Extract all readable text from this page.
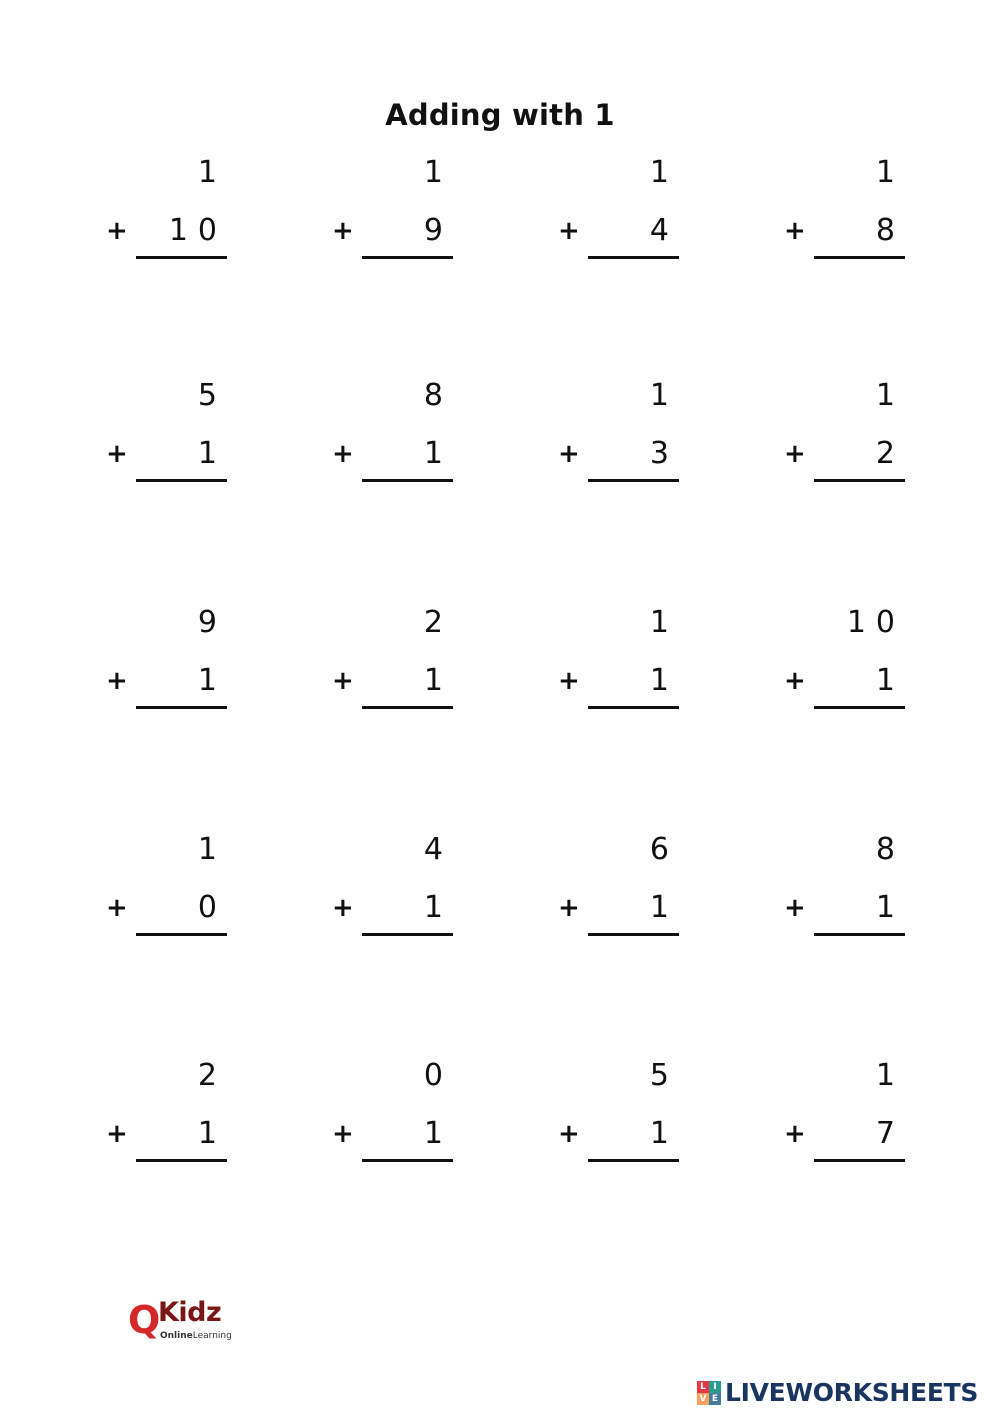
Adding with 1
1
+	10
1
+	9
1
+	4
1
+	8
5
+	1
8
+	1
1
+	3
1
+	2
9
+	1
2
+	1
1
+	1
10
+	1
1
+	0
4
+	1
6
+	1
8
+	1
2
+	1
0
+	1
5
+	1
1
+	7
Q
Kidz
OnlineLearning
L I
V E LIVEWORKSHEETS
